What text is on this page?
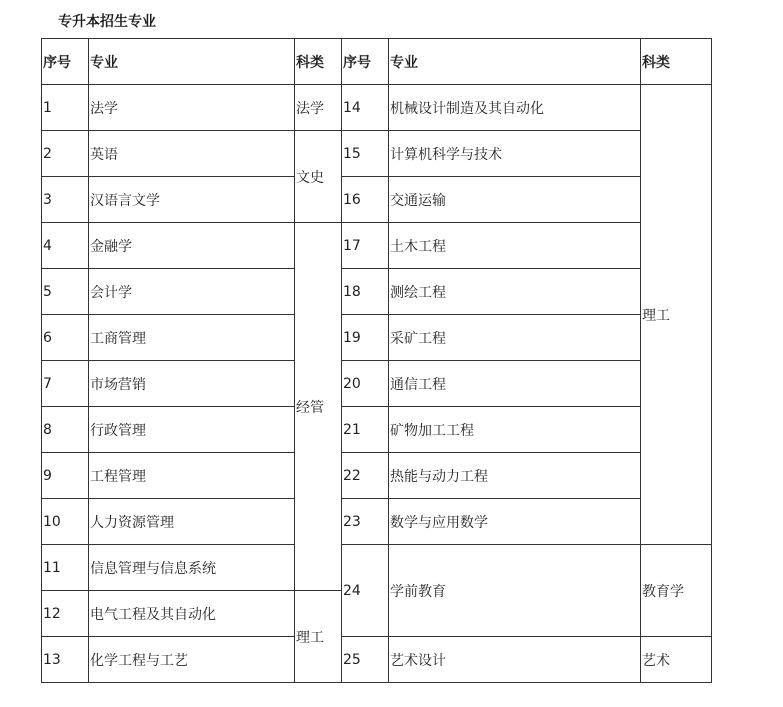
专升本招生专业
序号	专业	科类	序号	专业	科类
1	法学	法学	14	机械设计制造及其自动化	理工
2	英语	文史	15	计算机科学与技术	
3	汉语言文学		16	交通运输	
4	金融学	经管	17	土木工程	
5	会计学		18	测绘工程	
6	工商管理		19	采矿工程	
7	市场营销		20	通信工程	
8	行政管理		21	矿物加工工程	
9	工程管理		22	热能与动力工程	
10	人力资源管理		23	数学与应用数学	
11	信息管理与信息系统		24	学前教育	教育学
12	电气工程及其自动化	理工			
13	化学工程与工艺		25	艺术设计	艺术
